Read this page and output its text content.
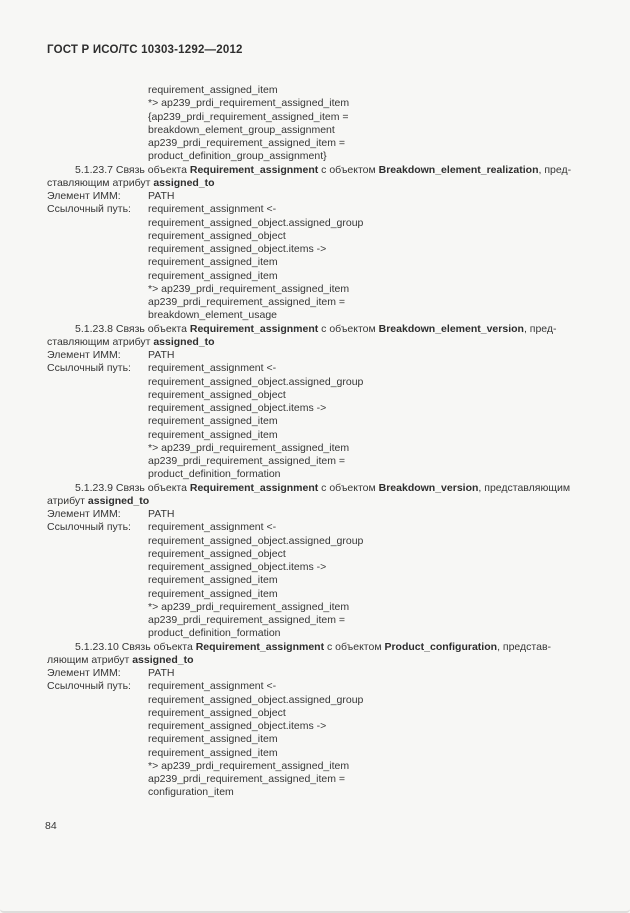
ГОСТ Р ИСО/ТС 10303-1292—2012
requirement_assigned_item
*> ap239_prdi_requirement_assigned_item
{ap239_prdi_requirement_assigned_item =
breakdown_element_group_assignment
ap239_prdi_requirement_assigned_item =
product_definition_group_assignment}
5.1.23.7 Связь объекта Requirement_assignment с объектом Breakdown_element_realization, пред-
ставляющим атрибут assigned_to
Элемент ИММ:	PATH
Ссылочный путь: requirement_assignment <-
requirement_assigned_object.assigned_group
requirement_assigned_object
requirement_assigned_object.items ->
requirement_assigned_item
requirement_assigned_item
*> ap239_prdi_requirement_assigned_item
ap239_prdi_requirement_assigned_item =
breakdown_element_usage
5.1.23.8 Связь объекта Requirement_assignment с объектом Breakdown_element_version, пред-
ставляющим атрибут assigned_to
Элемент ИММ:	PATH
Ссылочный путь: requirement_assignment <-
requirement_assigned_object.assigned_group
requirement_assigned_object
requirement_assigned_object.items ->
requirement_assigned_item
requirement_assigned_item
*> ap239_prdi_requirement_assigned_item
ap239_prdi_requirement_assigned_item =
product_definition_formation
5.1.23.9 Связь объекта Requirement_assignment с объектом Breakdown_version, представляющим
атрибут assigned_to
Элемент ИММ:	PATH
Ссылочный путь: requirement_assignment <-
requirement_assigned_object.assigned_group
requirement_assigned_object
requirement_assigned_object.items ->
requirement_assigned_item
requirement_assigned_item
*> ap239_prdi_requirement_assigned_item
ap239_prdi_requirement_assigned_item =
product_definition_formation
5.1.23.10 Связь объекта Requirement_assignment с объектом Product_configuration, представ-
ляющим атрибут assigned_to
Элемент ИММ:	PATH
Ссылочный путь: requirement_assignment <-
requirement_assigned_object.assigned_group
requirement_assigned_object
requirement_assigned_object.items ->
requirement_assigned_item
requirement_assigned_item
*> ap239_prdi_requirement_assigned_item
ap239_prdi_requirement_assigned_item =
configuration_item
84
